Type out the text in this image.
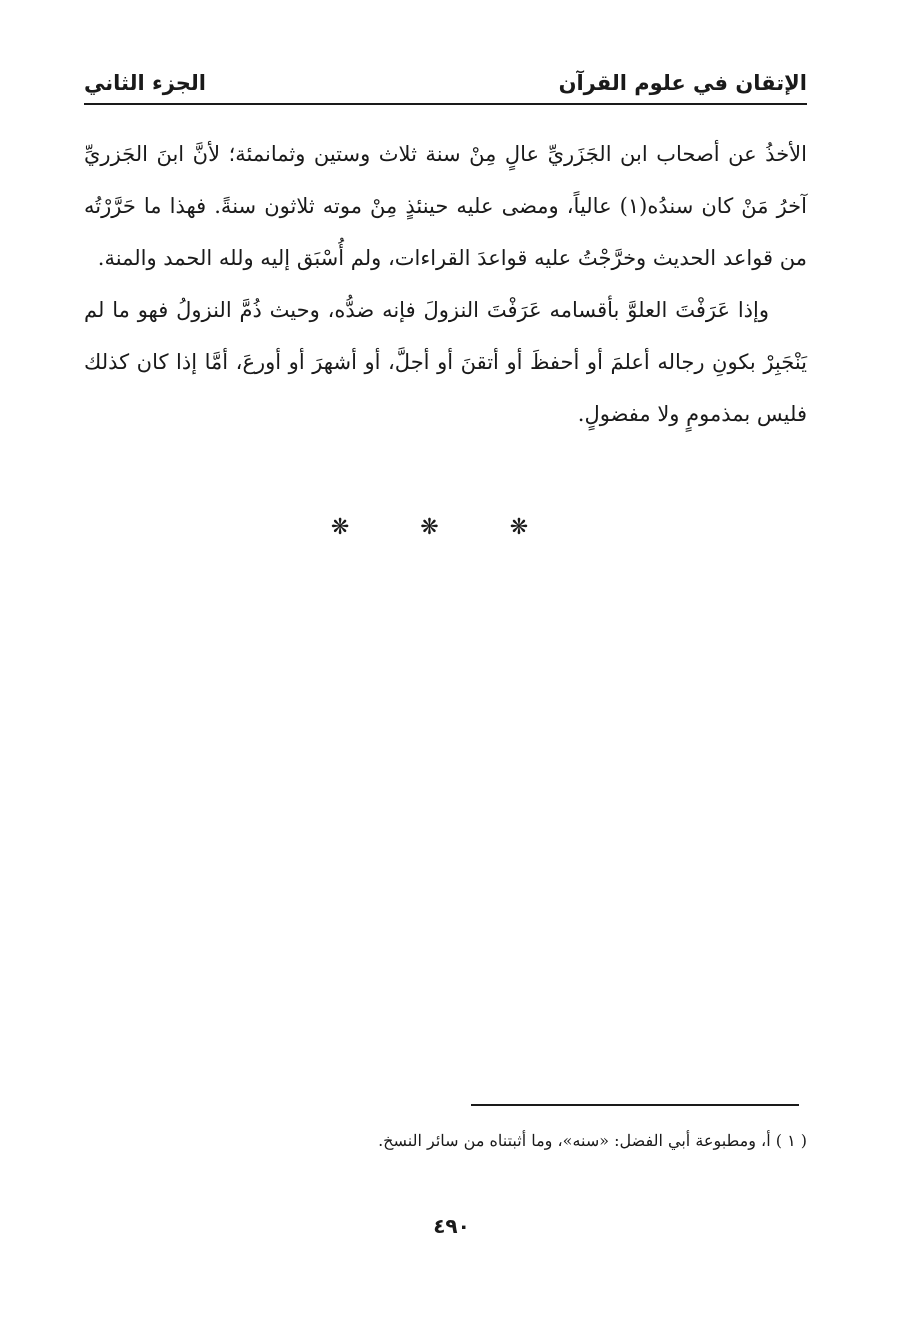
الإتقان في علوم القرآن
الجزء الثاني

الأخذُ عن أصحاب ابن الجَزَريِّ عالٍ مِنْ سنة ثلاث وستين وثمانمئة؛ لأنَّ ابنَ الجَزريِّ آخرُ مَنْ كان سندُه(١) عالياً، ومضى عليه حينئذٍ مِنْ موته ثلاثون سنةً. فهذا ما حَرَّرْتُه من قواعد الحديث وخرَّجْتُ عليه قواعدَ القراءات، ولم أُسْبَق إليه ولله الحمد والمنة.

وإذا عَرَفْتَ العلوَّ بأقسامه عَرَفْتَ النزولَ فإنه ضدُّه، وحيث ذُمَّ النزولُ فهو ما لم يَنْجَبِرْ بكونِ رجاله أعلمَ أو أحفظَ أو أتقنَ أو أجلَّ، أو أشهرَ أو أورعَ، أمَّا إذا كان كذلك فليس بمذمومٍ ولا مفضولٍ.

❋ ❋ ❋
( ١ ) أ، ومطبوعة أبي الفضل: «سنه»، وما أثبتناه من سائر النسخ.
٤٩٠
